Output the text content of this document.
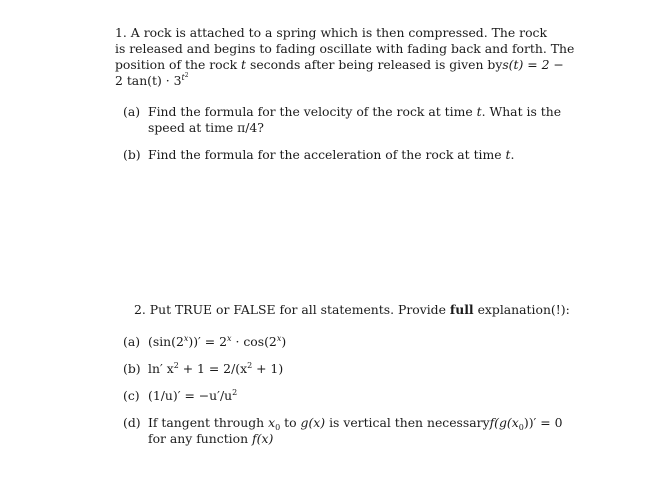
1. A rock is attached to a spring which is then compressed. The rock
is released and begins to fading oscillate with fading back and forth. The
position of the rock t seconds after being released is given by s(t) = 2 −
2 $\tan(t) \cdot 3^{t^2}$
(a) Find the formula for the velocity of the rock at time t. What is the
speed at time π/4?
(b) Find the formula for the acceleration of the rock at time t.
2. Put TRUE or FALSE for all statements. Provide full explanation(!):
(a) $(\sin(2^x))' = 2^x \cdot \cos(2^x)$
(b) ln′ $x^2 + 1 = 2/(x^2 + 1)$
(c) $(1/u)' = -u'/u^2$
(d) If tangent through $x_0$ to g(x) is vertical then necessary $f(g(x_0))' = 0$
for any function f(x)
